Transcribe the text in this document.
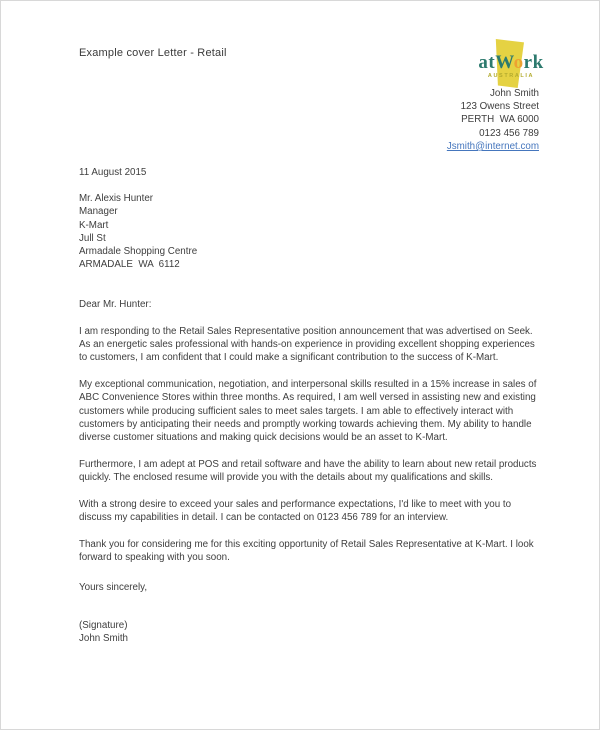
Example cover Letter - Retail	atWork
AUSTRALIA
John Smith
123 Owens Street
PERTH  WA 6000
0123 456 789
Jsmith@internet.com
11 August 2015
Mr. Alexis Hunter
Manager
K-Mart
Jull St
Armadale Shopping Centre
ARMADALE  WA  6112
Dear Mr. Hunter:

I am responding to the Retail Sales Representative position announcement that was advertised on Seek. As an energetic sales professional with hands-on experience in providing excellent shopping experiences to customers, I am confident that I could make a significant contribution to the success of K-Mart.

My exceptional communication, negotiation, and interpersonal skills resulted in a 15% increase in sales of ABC Convenience Stores within three months. As required, I am well versed in assisting new and existing customers while producing sufficient sales to meet sales targets. I am able to effectively interact with customers by anticipating their needs and promptly working towards achieving them. My ability to handle diverse customer situations and making quick decisions would be an asset to K-Mart.

Furthermore, I am adept at POS and retail software and have the ability to learn about new retail products quickly. The enclosed resume will provide you with the details about my qualifications and skills.

With a strong desire to exceed your sales and performance expectations, I'd like to meet with you to discuss my capabilities in detail. I can be contacted on 0123 456 789 for an interview.

Thank you for considering me for this exciting opportunity of Retail Sales Representative at K-Mart. I look forward to speaking with you soon.

Yours sincerely,
(Signature)
John Smith
